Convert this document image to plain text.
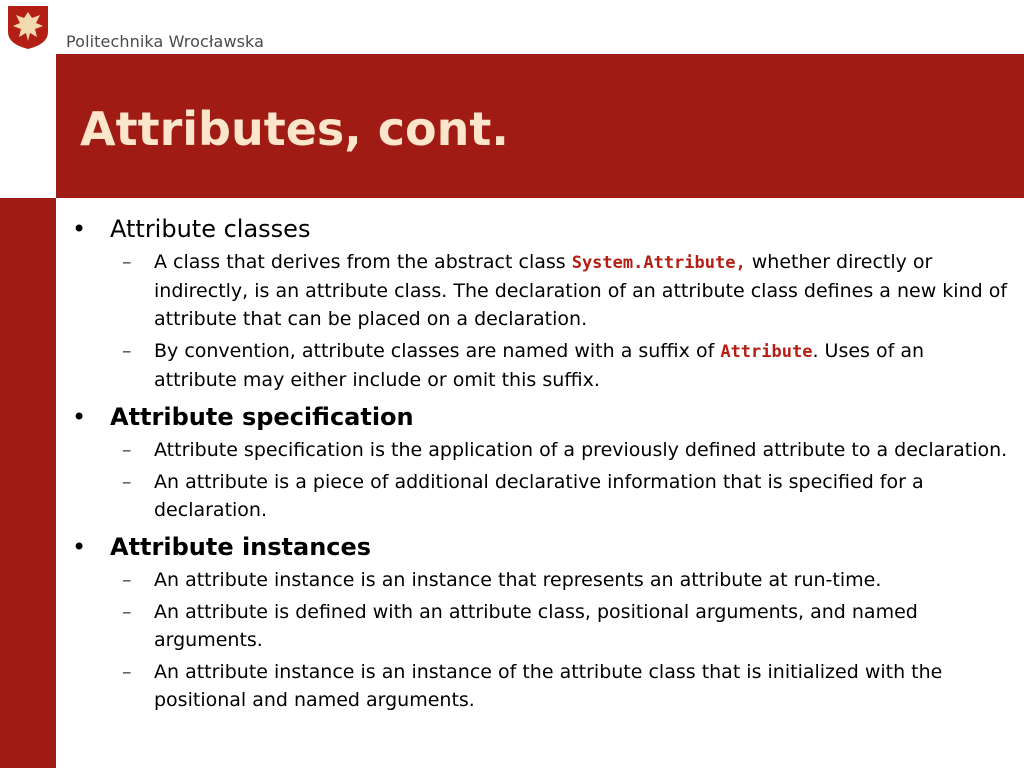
Politechnika Wrocławska
Attributes, cont.
• Attribute classes
– A class that derives from the abstract class System.Attribute, whether directly or indirectly, is an attribute class. The declaration of an attribute class defines a new kind of attribute that can be placed on a declaration.
– By convention, attribute classes are named with a suffix of Attribute. Uses of an attribute may either include or omit this suffix.
• Attribute specification
– Attribute specification is the application of a previously defined attribute to a declaration.
– An attribute is a piece of additional declarative information that is specified for a declaration.
• Attribute instances
– An attribute instance is an instance that represents an attribute at run-time.
– An attribute is defined with an attribute class, positional arguments, and named arguments.
– An attribute instance is an instance of the attribute class that is initialized with the positional and named arguments.
